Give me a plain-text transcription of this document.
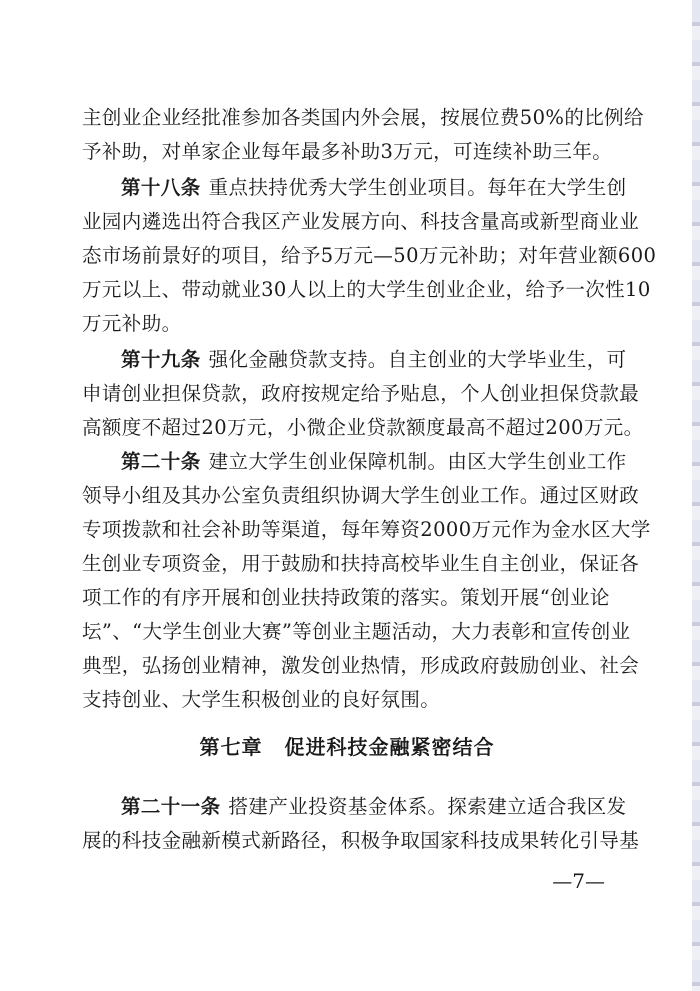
主创业企业经批准参加各类国内外会展，按展位费50%的比例给
予补助，对单家企业每年最多补助3万元，可连续补助三年。
第十八条 重点扶持优秀大学生创业项目。每年在大学生创
业园内遴选出符合我区产业发展方向、科技含量高或新型商业业
态市场前景好的项目，给予5万元—50万元补助；对年营业额600
万元以上、带动就业30人以上的大学生创业企业，给予一次性10
万元补助。
第十九条 强化金融贷款支持。自主创业的大学毕业生，可
申请创业担保贷款，政府按规定给予贴息，个人创业担保贷款最
高额度不超过20万元，小微企业贷款额度最高不超过200万元。
第二十条 建立大学生创业保障机制。由区大学生创业工作
领导小组及其办公室负责组织协调大学生创业工作。通过区财政
专项拨款和社会补助等渠道，每年筹资2000万元作为金水区大学
生创业专项资金，用于鼓励和扶持高校毕业生自主创业，保证各
项工作的有序开展和创业扶持政策的落实。策划开展“创业论
坛”、“大学生创业大赛”等创业主题活动，大力表彰和宣传创业
典型，弘扬创业精神，激发创业热情，形成政府鼓励创业、社会
支持创业、大学生积极创业的良好氛围。
第七章 促进科技金融紧密结合
第二十一条 搭建产业投资基金体系。探索建立适合我区发
展的科技金融新模式新路径，积极争取国家科技成果转化引导基
—7—
